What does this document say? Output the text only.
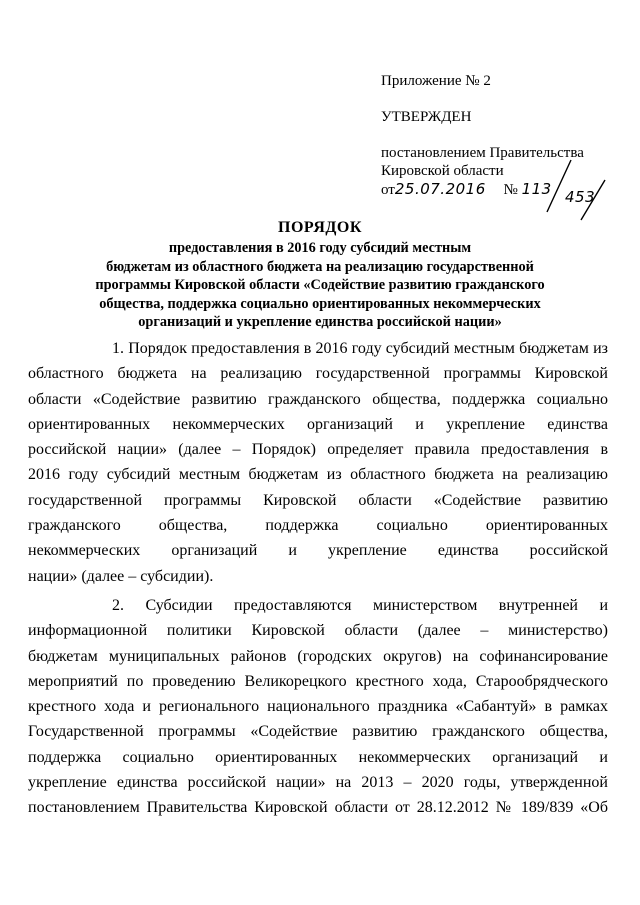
Приложение № 2
УТВЕРЖДЕН
постановлением Правительства
Кировской области
от25.07.2016 № 113 453
ПОРЯДОК
предоставления в 2016 году субсидий местным
бюджетам из областного бюджета на реализацию государственной
программы Кировской области «Содействие развитию гражданского
общества, поддержка социально ориентированных некоммерческих
организаций и укрепление единства российской нации»
1. Порядок предоставления в 2016 году субсидий местным бюджетам из
областного бюджета на реализацию государственной программы Кировской
области «Содействие развитию гражданского общества, поддержка социально
ориентированных некоммерческих организаций и укрепление единства
российской нации» (далее – Порядок) определяет правила предоставления в
2016 году субсидий местным бюджетам из областного бюджета на реализацию
государственной программы Кировской области «Содействие развитию
гражданского общества, поддержка социально ориентированных
некоммерческих организаций и укрепление единства российской
нации» (далее – субсидии).
2. Субсидии предоставляются министерством внутренней и
информационной политики Кировской области (далее – министерство)
бюджетам муниципальных районов (городских округов) на софинансирование
мероприятий по проведению Великорецкого крестного хода, Старообрядческого
крестного хода и регионального национального праздника «Сабантуй» в рамках
Государственной программы «Содействие развитию гражданского общества,
поддержка социально ориентированных некоммерческих организаций и
укрепление единства российской нации» на 2013 – 2020 годы, утвержденной
постановлением Правительства Кировской области от 28.12.2012 № 189/839 «Об
